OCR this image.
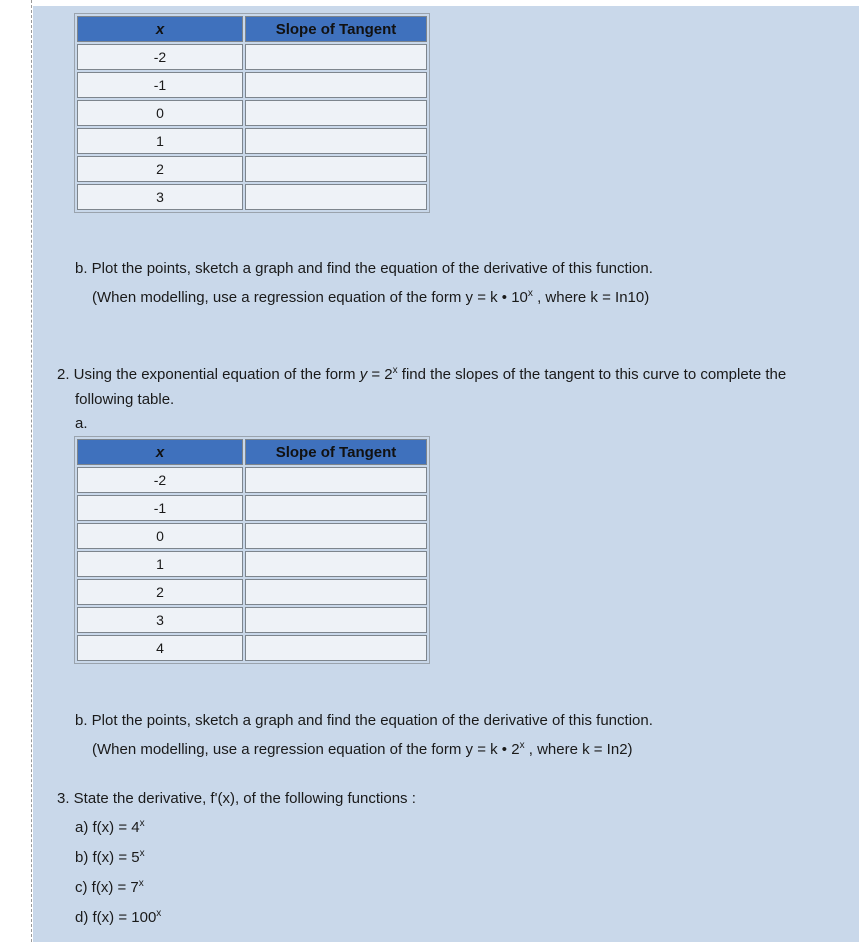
x	Slope of Tangent
-2	
-1	
0	
1	
2	
3	
b. Plot the points, sketch a graph and find the equation of the derivative of this function.
(When modelling, use a regression equation of the form y = k • 10$^x$ , where k = In10)
2. Using the exponential equation of the form $y = 2^x$ find the slopes of the tangent to this curve to complete the
following table.
a.
x	Slope of Tangent
-2	
-1	
0	
1	
2	
3	
4	
b. Plot the points, sketch a graph and find the equation of the derivative of this function.
(When modelling, use a regression equation of the form y = k • 2$^x$ , where k = In2)
3. State the derivative, f'(x), of the following functions :
a) $f(x) = 4^x$
b) $f(x) = 5^x$
c) $f(x) = 7^x$
d) $f(x) = 100^x$
